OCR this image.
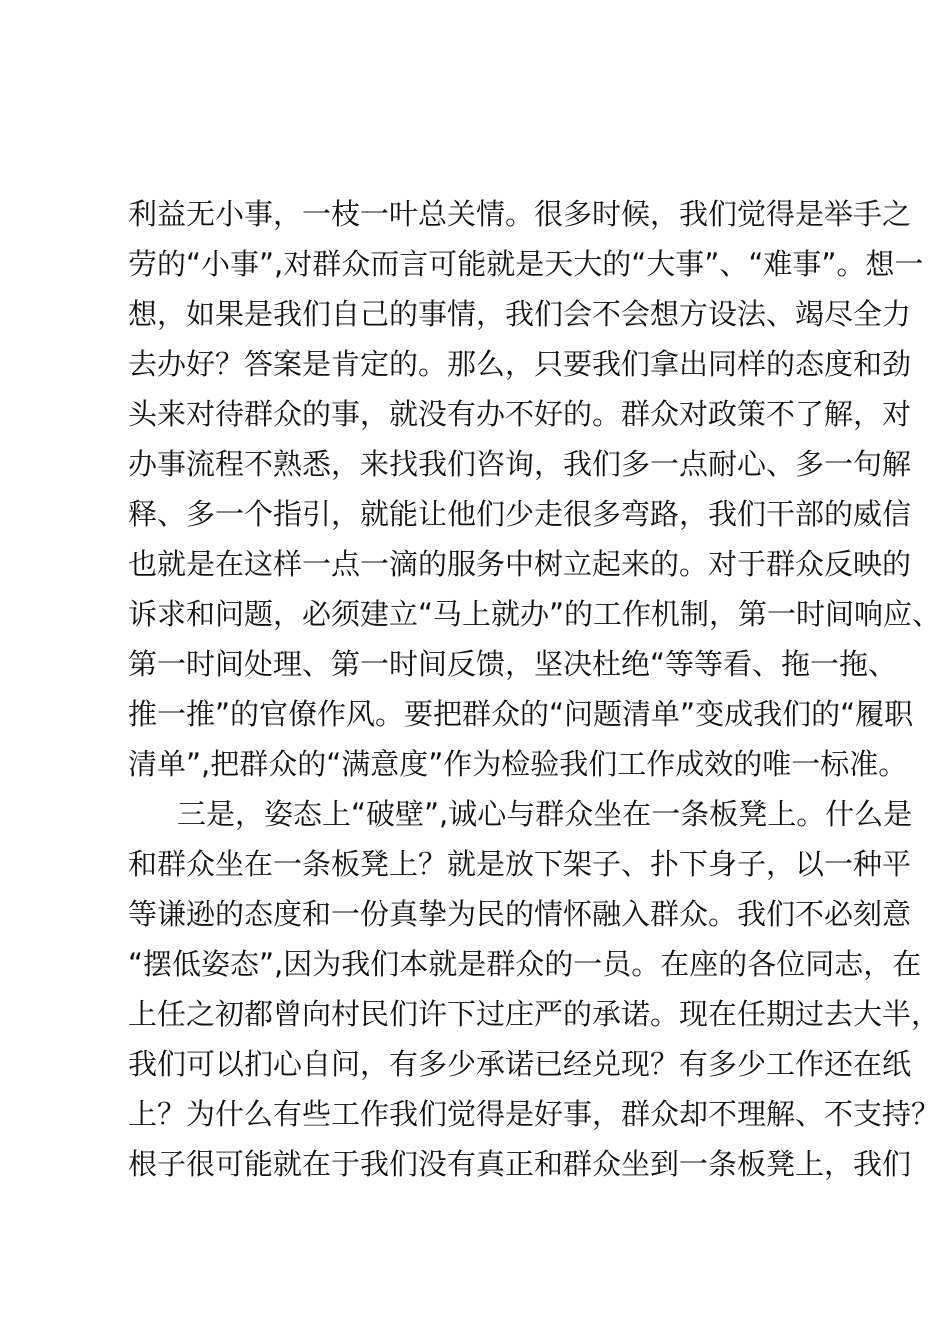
利益无小事，一枝一叶总关情。很多时候，我们觉得是举手之
劳的“小事”,对群众而言可能就是天大的“大事”、“难事”。想一
想，如果是我们自己的事情，我们会不会想方设法、竭尽全力
去办好？答案是肯定的。那么，只要我们拿出同样的态度和劲
头来对待群众的事，就没有办不好的。群众对政策不了解，对
办事流程不熟悉，来找我们咨询，我们多一点耐心、多一句解
释、多一个指引，就能让他们少走很多弯路，我们干部的威信
也就是在这样一点一滴的服务中树立起来的。对于群众反映的
诉求和问题，必须建立“马上就办”的工作机制，第一时间响应、
第一时间处理、第一时间反馈，坚决杜绝“等等看、拖一拖、
推一推”的官僚作风。要把群众的“问题清单”变成我们的“履职
清单”,把群众的“满意度”作为检验我们工作成效的唯一标准。
三是，姿态上“破壁”,诚心与群众坐在一条板凳上。什么是
和群众坐在一条板凳上？就是放下架子、扑下身子，以一种平
等谦逊的态度和一份真挚为民的情怀融入群众。我们不必刻意
“摆低姿态”,因为我们本就是群众的一员。在座的各位同志，在
上任之初都曾向村民们许下过庄严的承诺。现在任期过去大半，
我们可以扪心自问，有多少承诺已经兑现？有多少工作还在纸
上？为什么有些工作我们觉得是好事，群众却不理解、不支持？
根子很可能就在于我们没有真正和群众坐到一条板凳上，我们
